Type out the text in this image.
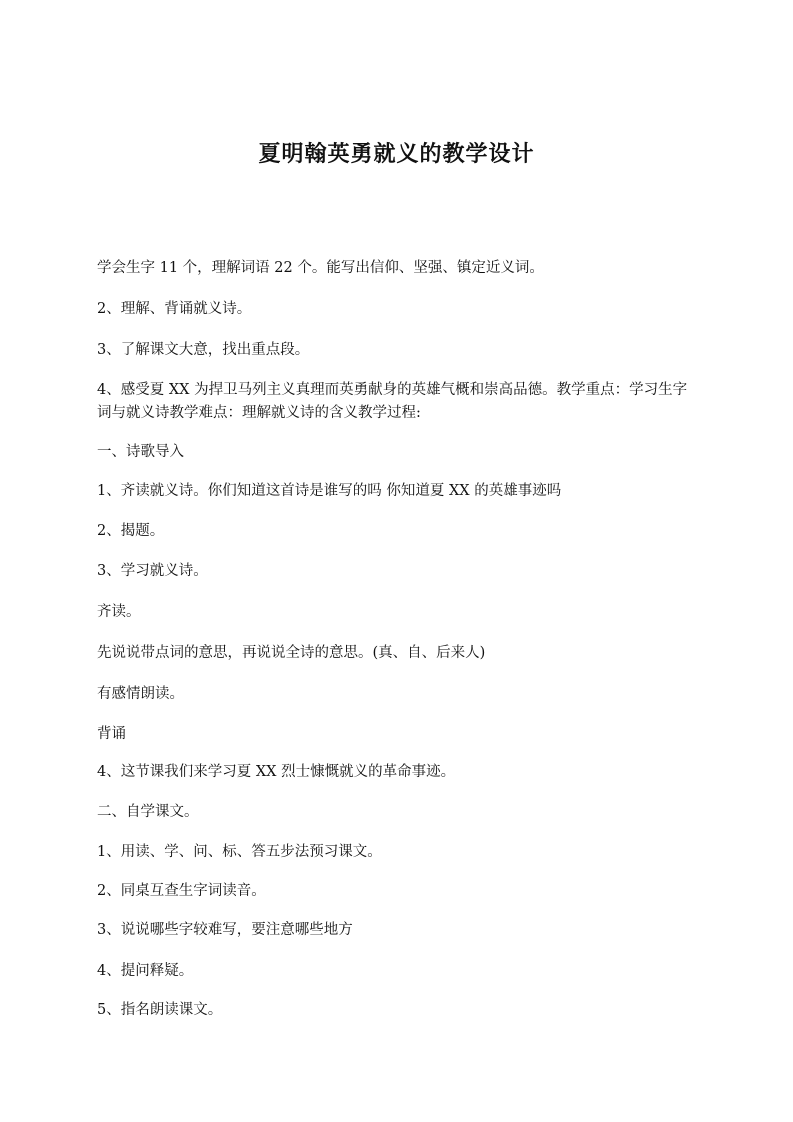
夏明翰英勇就义的教学设计
学会生字 11 个，理解词语 22 个。能写出信仰、坚强、镇定近义词。
2、理解、背诵就义诗。
3、了解课文大意，找出重点段。
4、感受夏 XX 为捍卫马列主义真理而英勇献身的英雄气概和崇高品德。教学重点：学习生字词与就义诗教学难点：理解就义诗的含义教学过程:
一、诗歌导入
1、齐读就义诗。你们知道这首诗是谁写的吗 你知道夏 XX 的英雄事迹吗
2、揭题。
3、学习就义诗。
齐读。
先说说带点词的意思，再说说全诗的意思。(真、自、后来人)
有感情朗读。
背诵
4、这节课我们来学习夏 XX 烈士慷慨就义的革命事迹。
二、自学课文。
1、用读、学、问、标、答五步法预习课文。
2、同桌互查生字词读音。
3、说说哪些字较难写，要注意哪些地方
4、提问释疑。
5、指名朗读课文。
